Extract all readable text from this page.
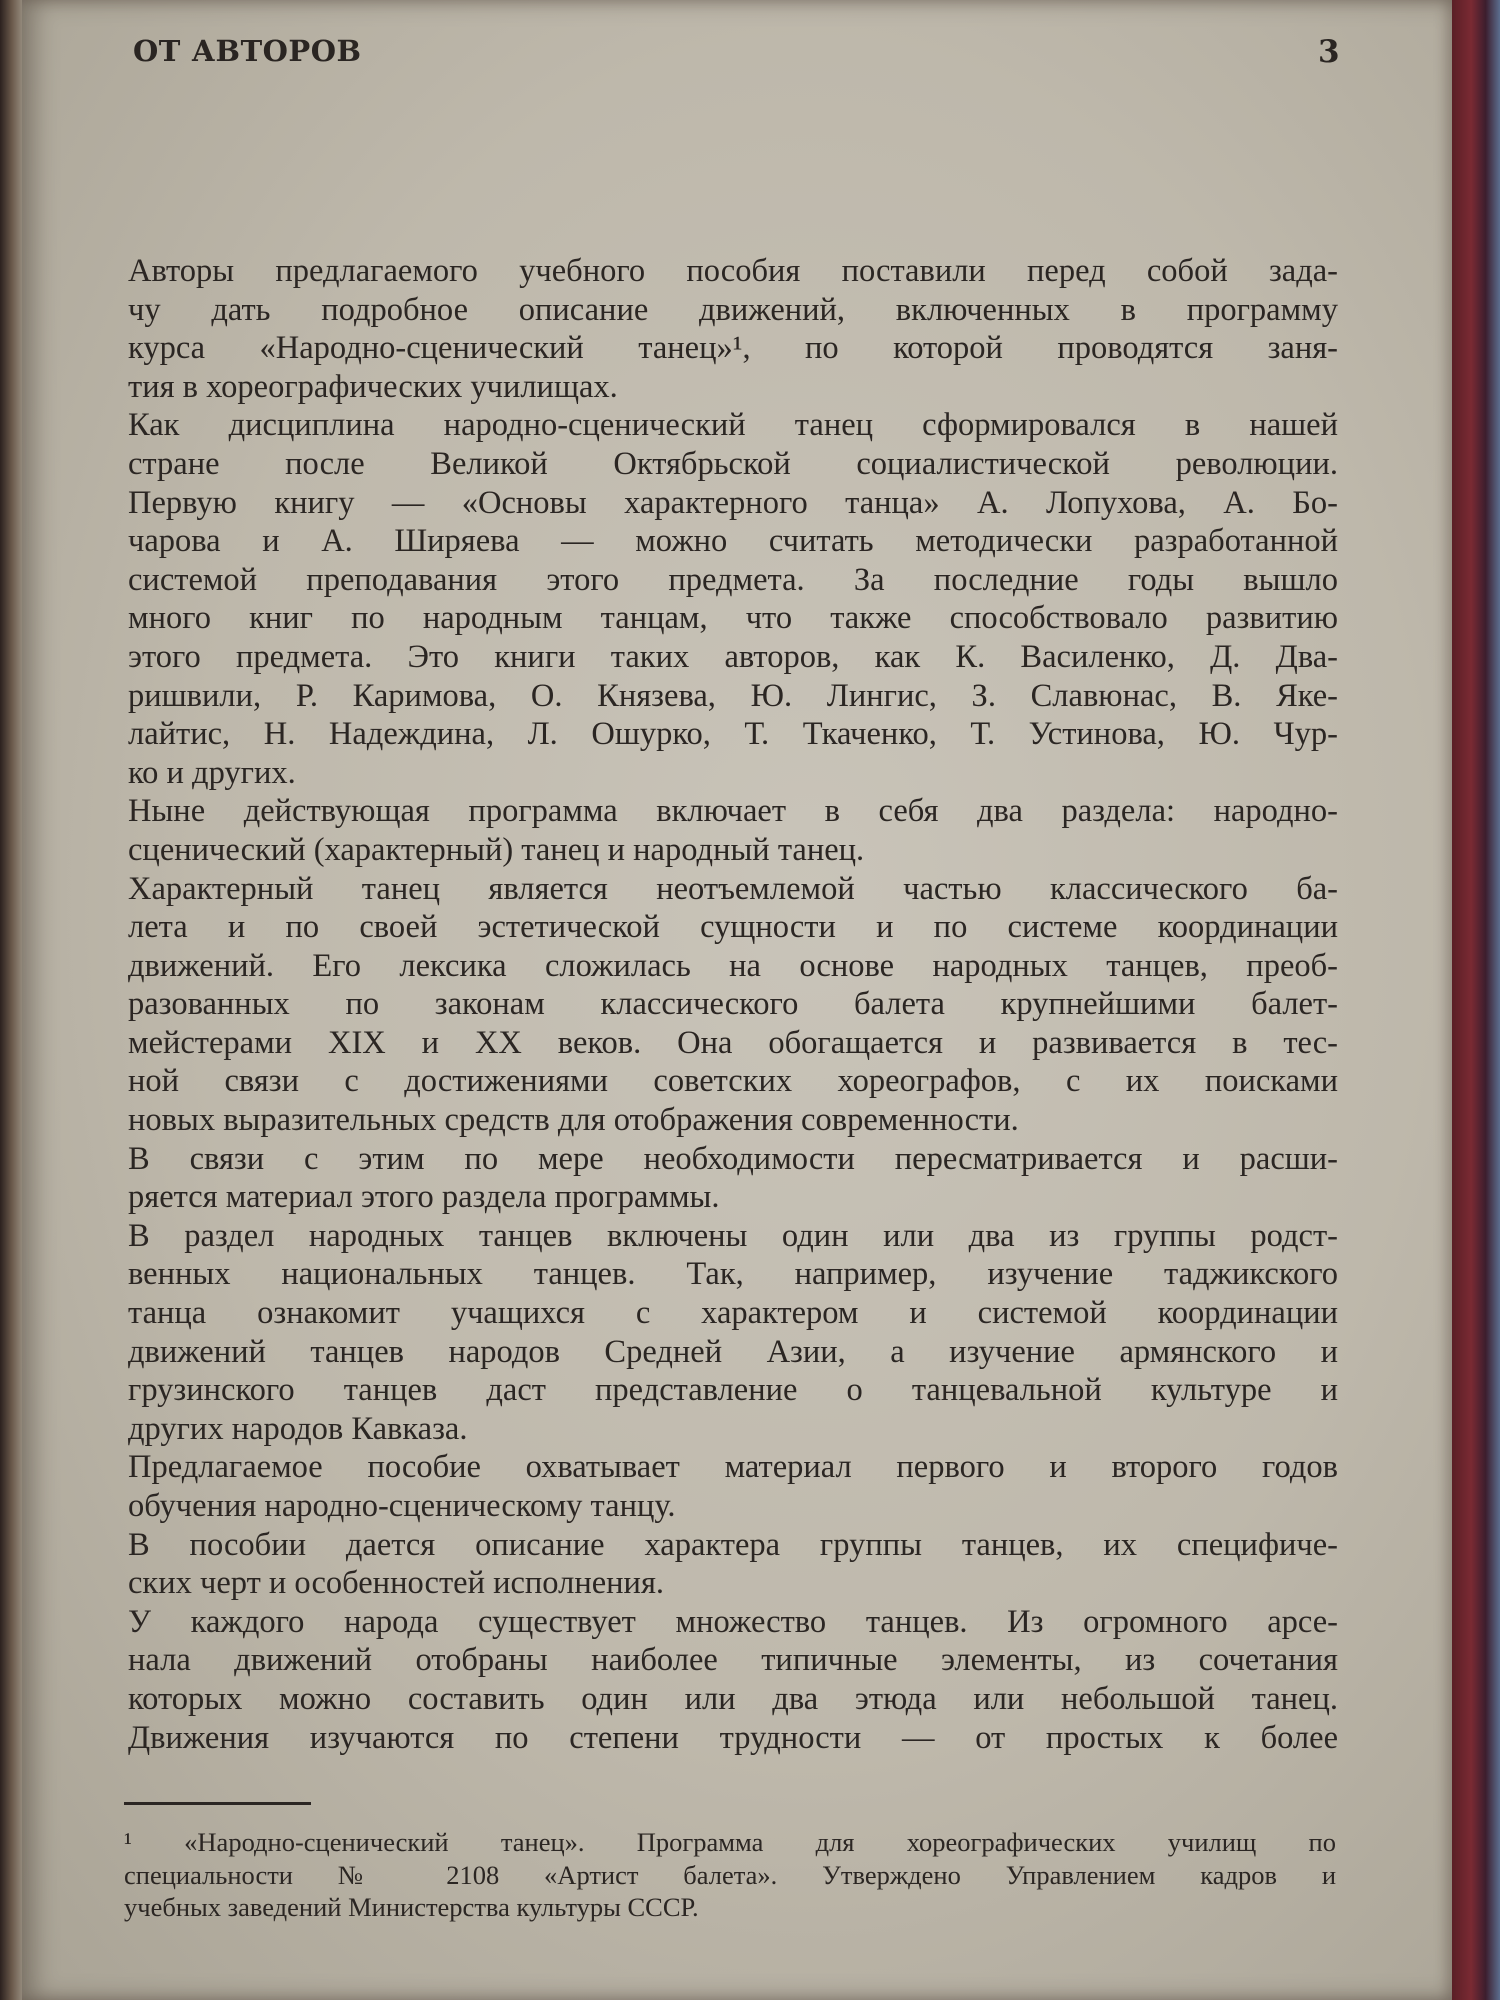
ОТ АВТОРОВ	3
Авторы предлагаемого учебного пособия поставили перед собой зада-
чу дать подробное описание движений, включенных в программу
курса «Народно-сценический танец»¹, по которой проводятся заня-
тия в хореографических училищах.
Как дисциплина народно-сценический танец сформировался в нашей
стране после Великой Октябрьской социалистической революции.
Первую книгу — «Основы характерного танца» А. Лопухова, А. Бо-
чарова и А. Ширяева — можно считать методически разработанной
системой преподавания этого предмета. За последние годы вышло
много книг по народным танцам, что также способствовало развитию
этого предмета. Это книги таких авторов, как К. Василенко, Д. Два-
ришвили, Р. Каримова, О. Князева, Ю. Лингис, З. Славюнас, В. Яке-
лайтис, Н. Надеждина, Л. Ошурко, Т. Ткаченко, Т. Устинова, Ю. Чур-
ко и других.
Ныне действующая программа включает в себя два раздела: народно-
сценический (характерный) танец и народный танец.
Характерный танец является неотъемлемой частью классического ба-
лета и по своей эстетической сущности и по системе координации
движений. Его лексика сложилась на основе народных танцев, преоб-
разованных по законам классического балета крупнейшими балет-
мейстерами XIX и XX веков. Она обогащается и развивается в тес-
ной связи с достижениями советских хореографов, с их поисками
новых выразительных средств для отображения современности.
В связи с этим по мере необходимости пересматривается и расши-
ряется материал этого раздела программы.
В раздел народных танцев включены один или два из группы родст-
венных национальных танцев. Так, например, изучение таджикского
танца ознакомит учащихся с характером и системой координации
движений танцев народов Средней Азии, а изучение армянского и
грузинского танцев даст представление о танцевальной культуре и
других народов Кавказа.
Предлагаемое пособие охватывает материал первого и второго годов
обучения народно-сценическому танцу.
В пособии дается описание характера группы танцев, их специфиче-
ских черт и особенностей исполнения.
У каждого народа существует множество танцев. Из огромного арсе-
нала движений отобраны наиболее типичные элементы, из сочетания
которых можно составить один или два этюда или небольшой танец.
Движения изучаются по степени трудности — от простых к более
¹ «Народно-сценический танец». Программа для хореографических училищ по
специальности № 2108 «Артист балета». Утверждено Управлением кадров и
учебных заведений Министерства культуры СССР.
